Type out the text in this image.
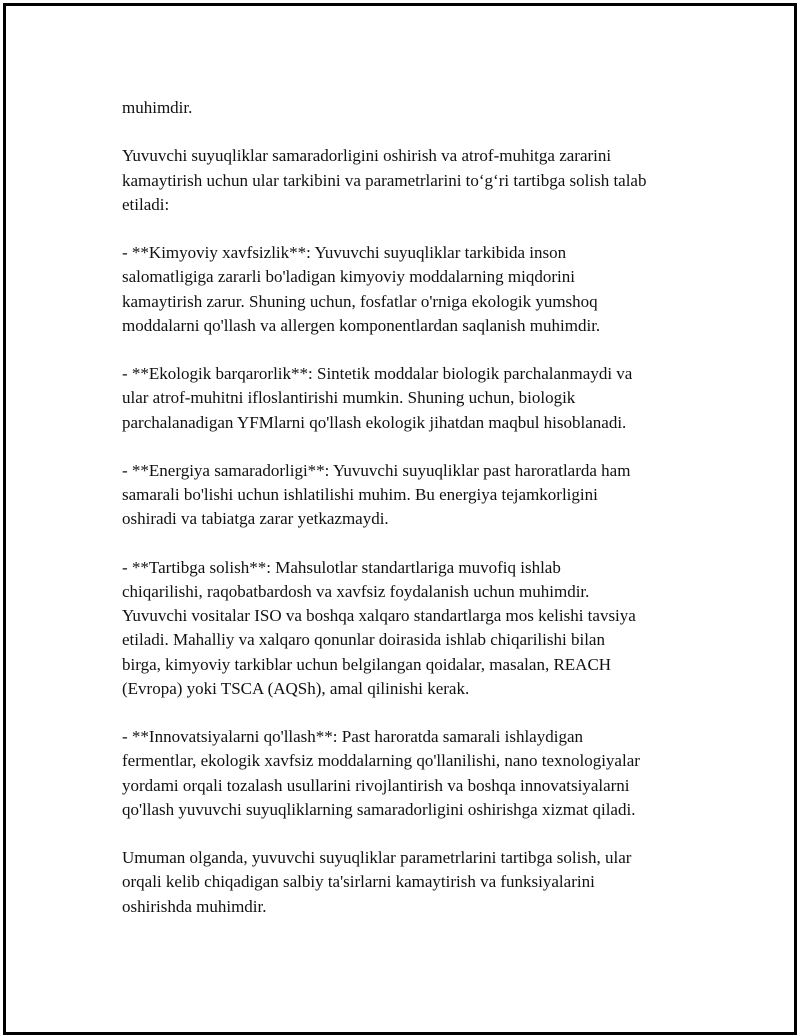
muhimdir.
Yuvuvchi suyuqliklar samaradorligini oshirish va atrof-muhitga zararini
kamaytirish uchun ular tarkibini va parametrlarini to‘g‘ri tartibga solish talab
etiladi:
- **Kimyoviy xavfsizlik**: Yuvuvchi suyuqliklar tarkibida inson
salomatligiga zararli bo'ladigan kimyoviy moddalarning miqdorini
kamaytirish zarur. Shuning uchun, fosfatlar o'rniga ekologik yumshoq
moddalarni qo'llash va allergen komponentlardan saqlanish muhimdir.
- **Ekologik barqarorlik**: Sintetik moddalar biologik parchalanmaydi va
ular atrof-muhitni ifloslantirishi mumkin. Shuning uchun, biologik
parchalanadigan YFMlarni qo'llash ekologik jihatdan maqbul hisoblanadi.
- **Energiya samaradorligi**: Yuvuvchi suyuqliklar past haroratlarda ham
samarali bo'lishi uchun ishlatilishi muhim. Bu energiya tejamkorligini
oshiradi va tabiatga zarar yetkazmaydi.
- **Tartibga solish**: Mahsulotlar standartlariga muvofiq ishlab
chiqarilishi, raqobatbardosh va xavfsiz foydalanish uchun muhimdir.
Yuvuvchi vositalar ISO va boshqa xalqaro standartlarga mos kelishi tavsiya
etiladi. Mahalliy va xalqaro qonunlar doirasida ishlab chiqarilishi bilan
birga, kimyoviy tarkiblar uchun belgilangan qoidalar, masalan, REACH
(Evropa) yoki TSCA (AQSh), amal qilinishi kerak.
- **Innovatsiyalarni qo'llash**: Past haroratda samarali ishlaydigan
fermentlar, ekologik xavfsiz moddalarning qo'llanilishi, nano texnologiyalar
yordami orqali tozalash usullarini rivojlantirish va boshqa innovatsiyalarni
qo'llash yuvuvchi suyuqliklarning samaradorligini oshirishga xizmat qiladi.
Umuman olganda, yuvuvchi suyuqliklar parametrlarini tartibga solish, ular
orqali kelib chiqadigan salbiy ta'sirlarni kamaytirish va funksiyalarini
oshirishda muhimdir.
